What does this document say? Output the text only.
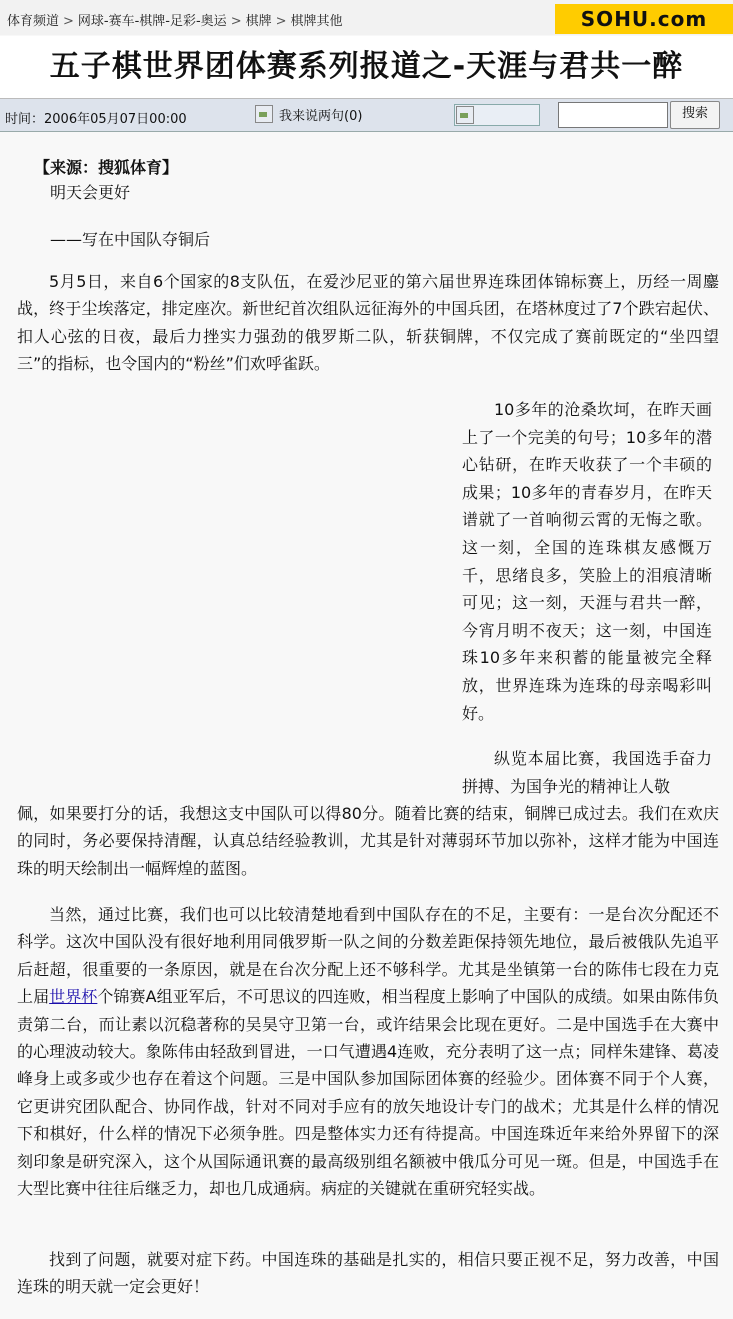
体育频道 > 网球-赛车-棋牌-足彩-奥运 > 棋牌 > 棋牌其他	SOHU.com
五子棋世界团体赛系列报道之-天涯与君共一醉
时间：2006年05月07日00:00	我来说两句(0)	搜索
【来源：搜狐体育】
明天会更好
——写在中国队夺铜后
5月5日，来自6个国家的8支队伍，在爱沙尼亚的第六届世界连珠团体锦标赛上，历经一周鏖战，终于尘埃落定，排定座次。新世纪首次组队远征海外的中国兵团，在塔林度过了7个跌宕起伏、扣人心弦的日夜，最后力挫实力强劲的俄罗斯二队，斩获铜牌，不仅完成了赛前既定的“坐四望三”的指标，也令国内的“粉丝”们欢呼雀跃。
10多年的沧桑坎坷，在昨天画上了一个完美的句号；10多年的潜心钻研，在昨天收获了一个丰硕的成果；10多年的青春岁月，在昨天谱就了一首响彻云霄的无悔之歌。这一刻，全国的连珠棋友感慨万千，思绪良多，笑脸上的泪痕清晰可见；这一刻，天涯与君共一醉，今宵月明不夜天；这一刻，中国连珠10多年来积蓄的能量被完全释放，世界连珠为连珠的母亲喝彩叫好。
纵览本届比赛，我国选手奋力拼搏、为国争光的精神让人敬
佩，如果要打分的话，我想这支中国队可以得80分。随着比赛的结束，铜牌已成过去。我们在欢庆的同时，务必要保持清醒，认真总结经验教训，尤其是针对薄弱环节加以弥补，这样才能为中国连珠的明天绘制出一幅辉煌的蓝图。
当然，通过比赛，我们也可以比较清楚地看到中国队存在的不足，主要有：一是台次分配还不科学。这次中国队没有很好地利用同俄罗斯一队之间的分数差距保持领先地位，最后被俄队先追平后赶超，很重要的一条原因，就是在台次分配上还不够科学。尤其是坐镇第一台的陈伟七段在力克上届世界杯个锦赛A组亚军后，不可思议的四连败，相当程度上影响了中国队的成绩。如果由陈伟负责第二台，而让素以沉稳著称的吴昊守卫第一台，或许结果会比现在更好。二是中国选手在大赛中的心理波动较大。象陈伟由轻敌到冒进，一口气遭遇4连败，充分表明了这一点；同样朱建锋、葛凌峰身上或多或少也存在着这个问题。三是中国队参加国际团体赛的经验少。团体赛不同于个人赛，它更讲究团队配合、协同作战，针对不同对手应有的放矢地设计专门的战术；尤其是什么样的情况下和棋好，什么样的情况下必须争胜。四是整体实力还有待提高。中国连珠近年来给外界留下的深刻印象是研究深入，这个从国际通讯赛的最高级别组名额被中俄瓜分可见一斑。但是，中国选手在大型比赛中往往后继乏力，却也几成通病。病症的关键就在重研究轻实战。
找到了问题，就要对症下药。中国连珠的基础是扎实的，相信只要正视不足，努力改善，中国连珠的明天就一定会更好！
